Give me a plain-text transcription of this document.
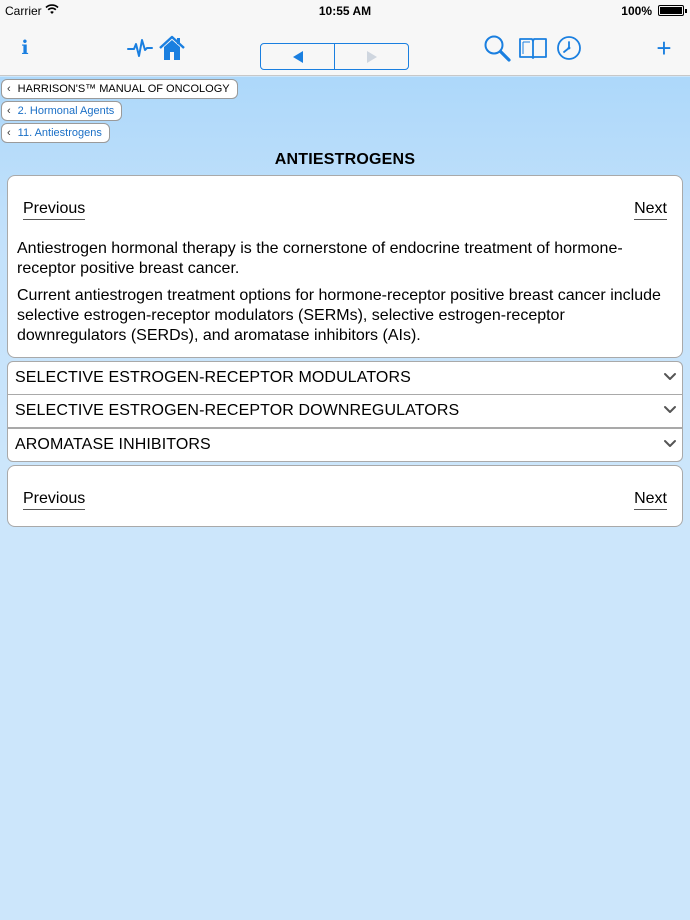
Carrier	10:55 AM	100%
i	+
‹ HARRISON'S™ MANUAL OF ONCOLOGY
‹ 2. Hormonal Agents
‹ 11. Antiestrogens
ANTIESTROGENS
Previous	Next

Antiestrogen hormonal therapy is the cornerstone of endocrine treatment of hormone-receptor positive breast cancer.

Current antiestrogen treatment options for hormone-receptor positive breast cancer include selective estrogen-receptor modulators (SERMs), selective estrogen-receptor downregulators (SERDs), and aromatase inhibitors (AIs).

SELECTIVE ESTROGEN-RECEPTOR MODULATORS
SELECTIVE ESTROGEN-RECEPTOR DOWNREGULATORS
AROMATASE INHIBITORS
Previous	Next
